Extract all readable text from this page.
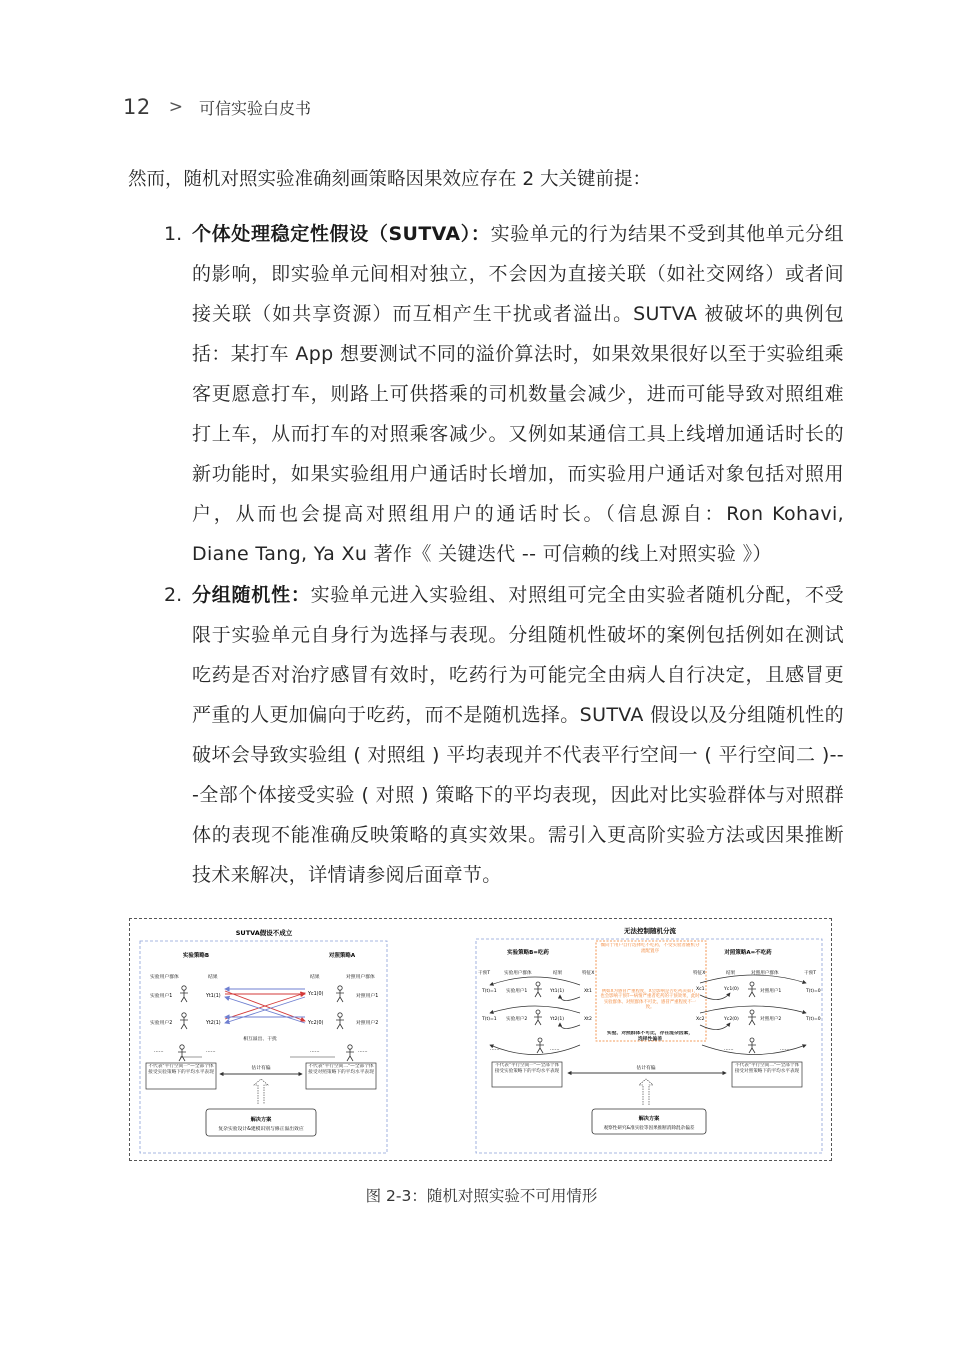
12 > 可信实验白皮书
然而，随机对照实验准确刻画策略因果效应存在 2 大关键前提：
1. 个体处理稳定性假设（SUTVA）：实验单元的行为结果不受到其他单元分组的影响，即实验单元间相对独立，不会因为直接关联（如社交网络）或者间接关联（如共享资源）而互相产生干扰或者溢出。SUTVA 被破坏的典例包括：某打车 App 想要测试不同的溢价算法时，如果效果很好以至于实验组乘客更愿意打车，则路上可供搭乘的司机数量会减少，进而可能导致对照组难打上车，从而打车的对照乘客减少。又例如某通信工具上线增加通话时长的新功能时，如果实验组用户通话时长增加，而实验用户通话对象包括对照用户，从而也会提高对照组用户的通话时长。（信息源自：Ron Kohavi, Diane Tang, Ya Xu 著作《 关键迭代 -- 可信赖的线上对照实验 》）
2. 分组随机性：实验单元进入实验组、对照组可完全由实验者随机分配，不受限于实验单元自身行为选择与表现。分组随机性破坏的案例包括例如在测试吃药是否对治疗感冒有效时，吃药行为可能完全由病人自行决定，且感冒更严重的人更加偏向于吃药，而不是随机选择。SUTVA 假设以及分组随机性的破坏会导致实验组 ( 对照组 ) 平均表现并不代表平行空间一 ( 平行空间二 )---全部个体接受实验 ( 对照 ) 策略下的平均表现，因此对比实验群体与对照群体的表现不能准确反映策略的真实效果。需引入更高阶实验方法或因果推断技术来解决，详情请参阅后面章节。
SUTVA假设不成立
实验策略B	对照策略A
实验用户群体	结果	结果	对照用户群体
实验用户1
实验用户2
Yt1(1)
Yt2(1)
Yc1(0)
Yc2(0)
对照用户1
对照用户2
相互溢出、干扰
......	......	......	......
不代表"平行空间一"—全部个体接受实验策略下的平均水平表现
不代表"平行空间二"—全部个体接受对照策略下的平均水平表现
估计有偏
解决方案
复杂实验设计&建模识别与修正溢出效应
无法控制随机分流
实验策略B=吃药	对照策略A=不吃药
倾向于用户自行选择吃不吃药，不受实验者随机分流配置序
干预T	实验用户群体	结果	特征X	特征X	结果	对照用户群体	干预T
T(t)=1
T(t)=1
T(t)=0
T(t)=0
实验用户1
实验用户2
对照用户1
对照用户2
Yt1(1)
Yt2(1)
Yc1(0)
Yc2(0)
Xt1
Xt2
Xc1
Xc2
例如X为感冒严重程度，X会影响是否吃药决策T，也会影响干预T—病情严重者吃药的干预效果，此时实验群体、对照群体不可比，感冒严重程度不一致。
实验、对照群体不可比，存在混杂因素，选择性偏差
......	......	......	......
不代表"平行空间一"—全部个体接受实验策略下的平均水平表现
不代表"平行空间二"—全部个体接受对照策略下的平均水平表现
估计有偏
解决方案
观察性研究&准实验等因果推断消除混杂偏差
图 2-3：随机对照实验不可用情形
